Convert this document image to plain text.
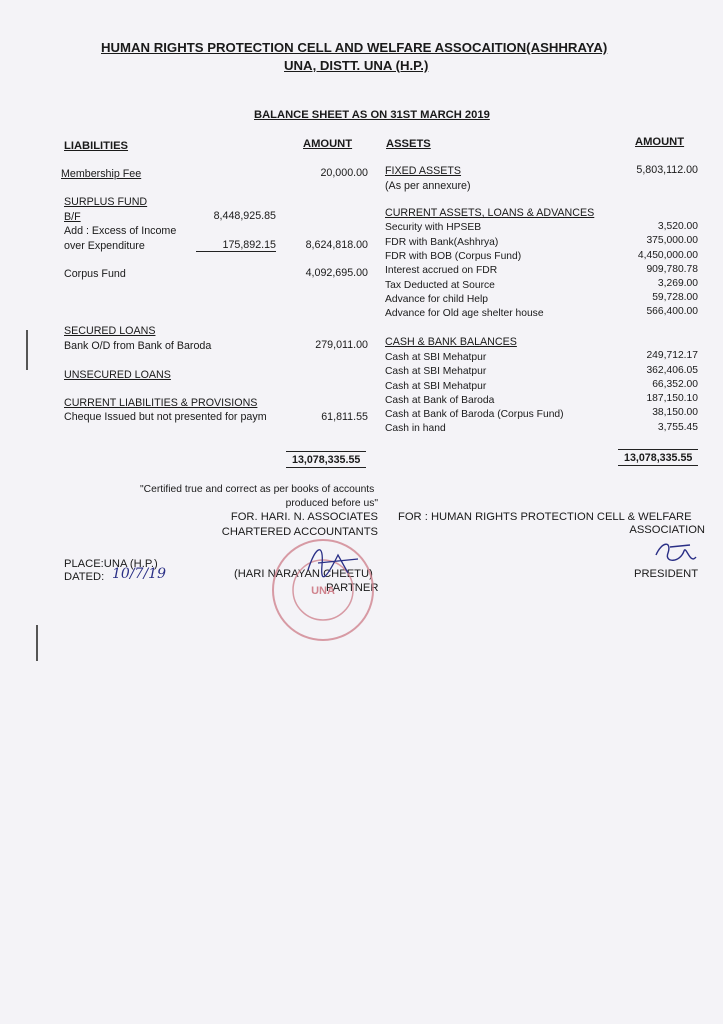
HUMAN RIGHTS PROTECTION CELL AND WELFARE ASSOCAITION(ASHHRAYA)
UNA, DISTT. UNA (H.P.)
BALANCE SHEET AS ON 31ST MARCH 2019
LIABILITIES	AMOUNT	ASSETS	AMOUNT
Membership Fee	20,000.00
SURPLUS FUND
B/F	8,448,925.85
Add : Excess of Income
over Expenditure	175,892.15	8,624,818.00
Corpus Fund	4,092,695.00
SECURED LOANS
Bank O/D from Bank of Baroda	279,011.00
UNSECURED LOANS
CURRENT LIABILITIES & PROVISIONS
Cheque Issued but not presented for paym	61,811.55
13,078,335.55
FIXED ASSETS	5,803,112.00
(As per annexure)
CURRENT ASSETS, LOANS & ADVANCES
Security with HPSEB	3,520.00
FDR with Bank(Ashhrya)	375,000.00
FDR with BOB (Corpus Fund)	4,450,000.00
Interest accrued on FDR	909,780.78
Tax Deducted at Source	3,269.00
Advance for child Help	59,728.00
Advance for Old age shelter house	566,400.00
CASH & BANK BALANCES
Cash at SBI Mehatpur	249,712.17
Cash at SBI Mehatpur	362,406.05
Cash at SBI Mehatpur	66,352.00
Cash at Bank of Baroda	187,150.10
Cash at Bank of Baroda (Corpus Fund)	38,150.00
Cash in hand	3,755.45
13,078,335.55
"Certified true and correct as per books of accounts
produced before us"
FOR. HARI. N. ASSOCIATES
CHARTERED ACCOUNTANTS
PLACE:UNA (H.P.)
DATED: 10/7/19	(HARI NARAYAN CHEETU)
PARTNER
UNA
FOR : HUMAN RIGHTS PROTECTION CELL & WELFARE
ASSOCIATION
PRESIDENT
